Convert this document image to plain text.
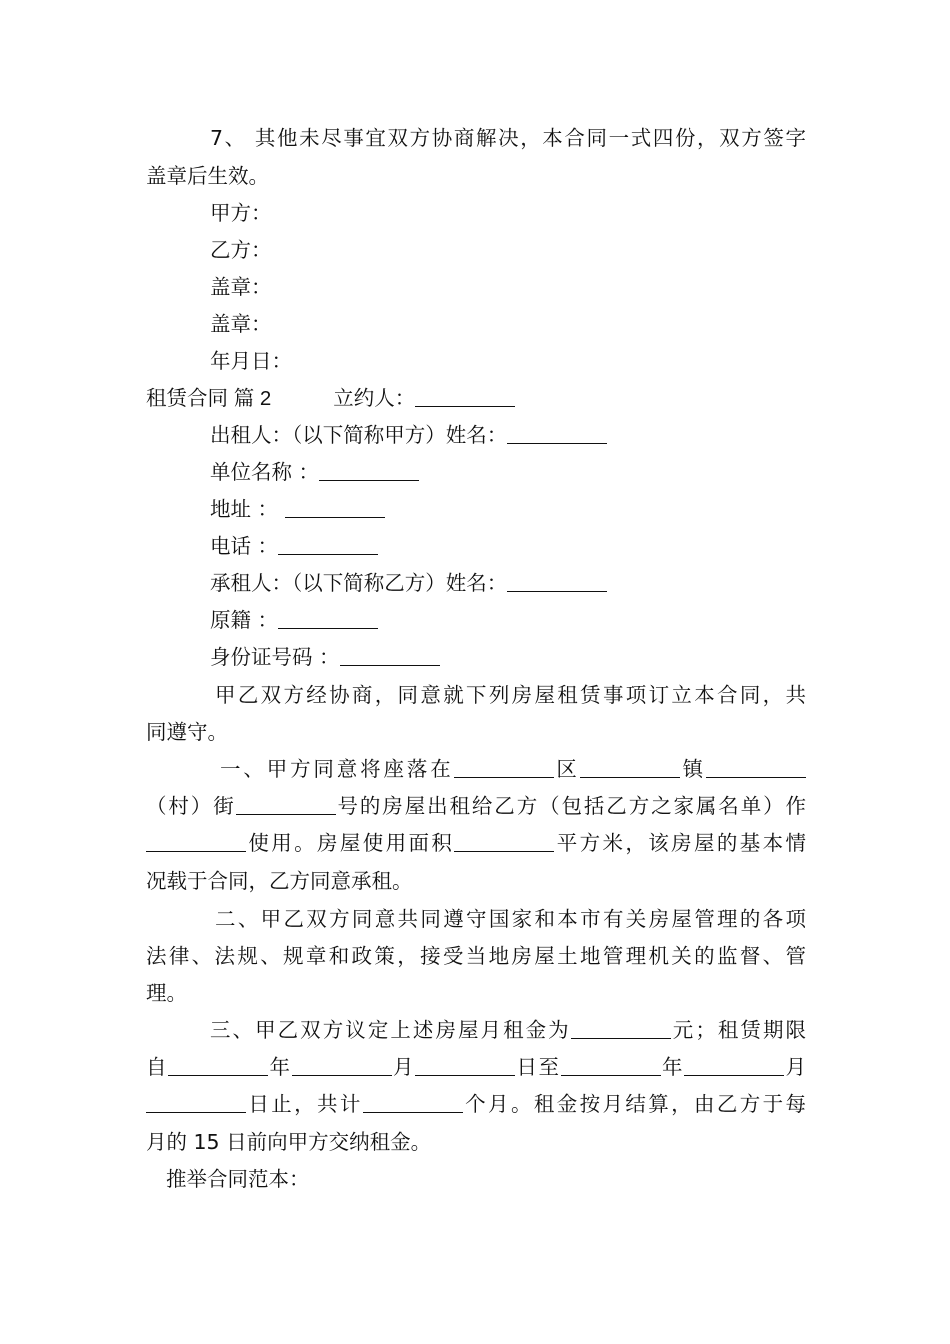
7、 其他未尽事宜双方协商解决，本合同一式四份，双方签字
盖章后生效。
甲方：
乙方：
盖章：
盖章：
年月日：
租赁合同 篇 2	立约人：
出租人：（以下简称甲方）姓名：
单位名称 ：
地址 ：
电话 ：
承租人：（以下简称乙方）姓名：
原籍 ：
身份证号码 ：
甲乙双方经协商，同意就下列房屋租赁事项订立本合同，共
同遵守。
一、甲方同意将座落在	区	镇
（村）街	号的房屋出租给乙方（包括乙方之家属名单）作
使用。房屋使用面积	平方米，该房屋的基本情
况载于合同，乙方同意承租。
二、甲乙双方同意共同遵守国家和本市有关房屋管理的各项
法律、法规、规章和政策，接受当地房屋土地管理机关的监督、管
理。
三、甲乙双方议定上述房屋月租金为	元；租赁期限
自	年	月	日至	年	月
日止，共计	个月。租金按月结算，由乙方于每
月的 15 日前向甲方交纳租金。
推举合同范本：
